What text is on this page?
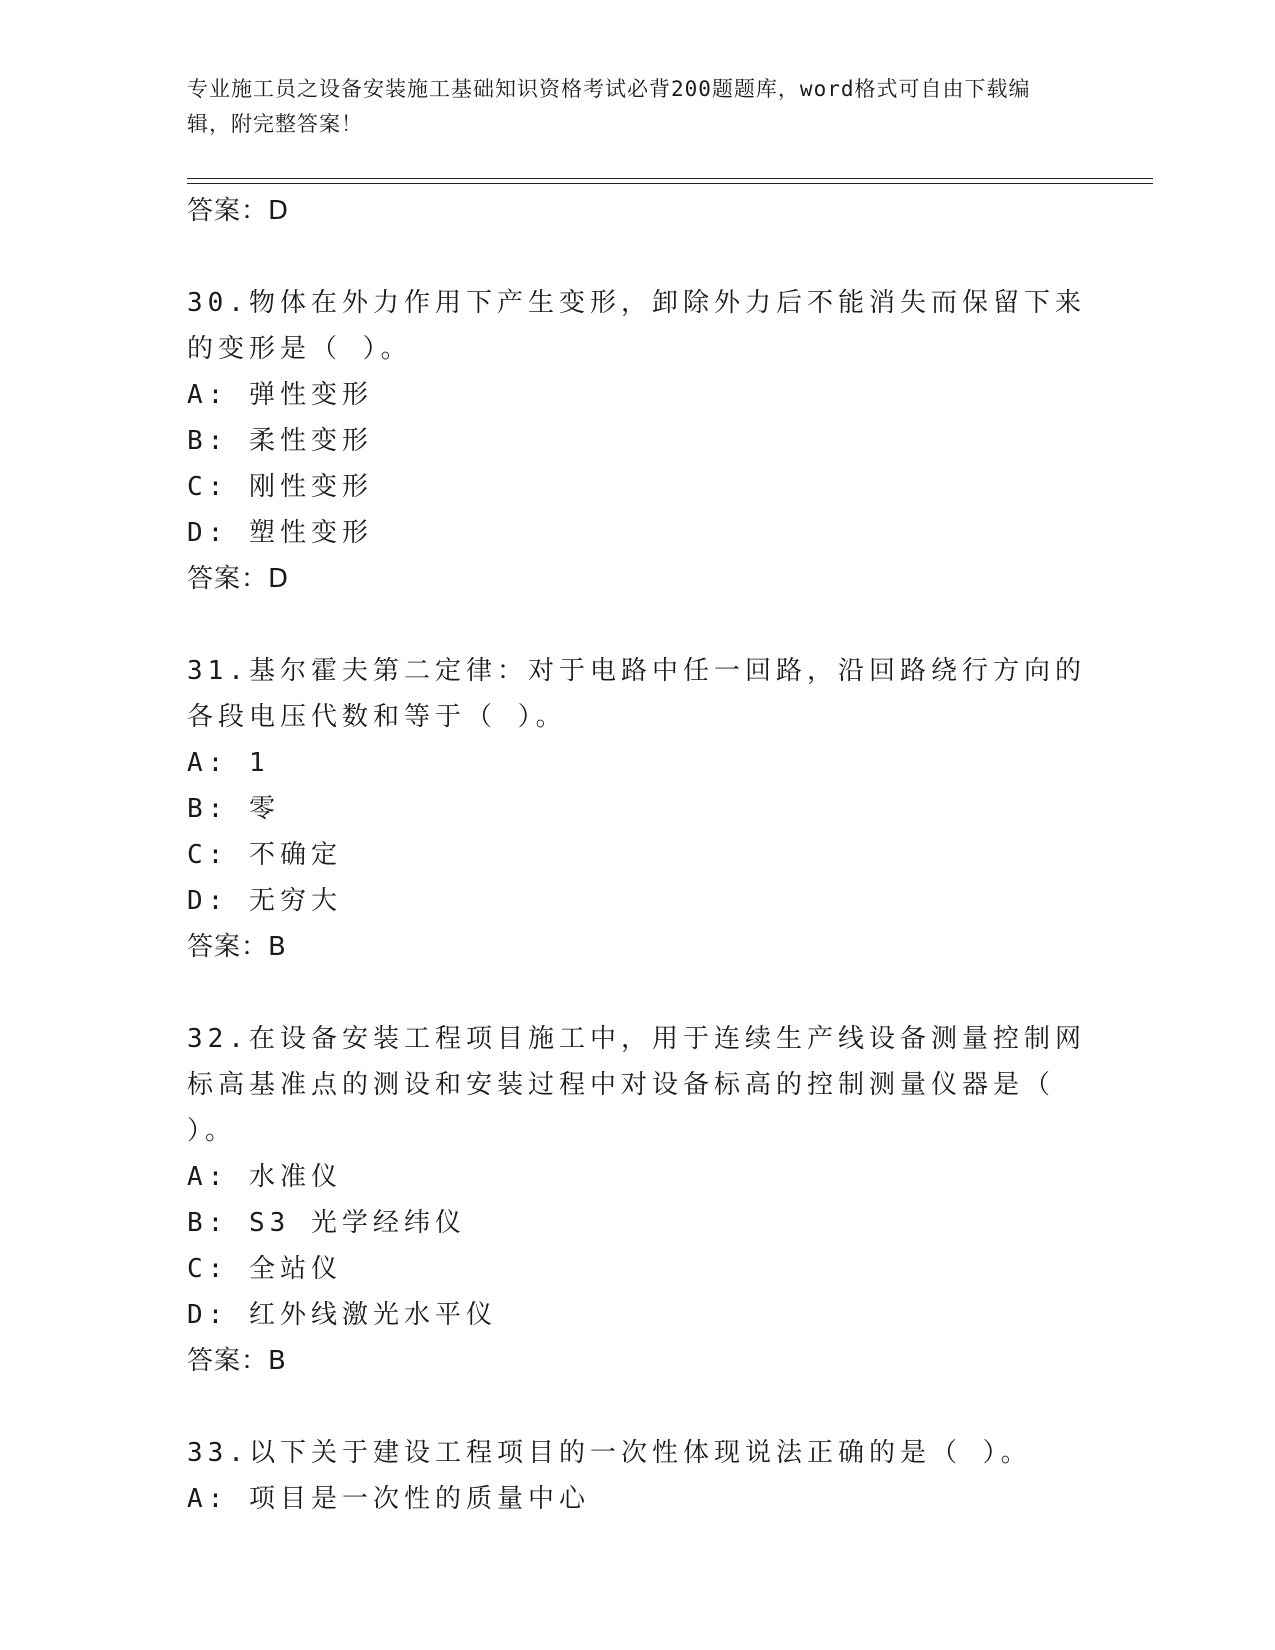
专业施工员之设备安装施工基础知识资格考试必背200题题库，word格式可自由下载编辑，附完整答案！
答案：D
30.物体在外力作用下产生变形，卸除外力后不能消失而保留下来的变形是（ ）。
A: 弹性变形
B: 柔性变形
C: 刚性变形
D: 塑性变形
答案：D
31.基尔霍夫第二定律：对于电路中任一回路，沿回路绕行方向的各段电压代数和等于（ ）。
A: 1
B: 零
C: 不确定
D: 无穷大
答案：B
32.在设备安装工程项目施工中，用于连续生产线设备测量控制网标高基准点的测设和安装过程中对设备标高的控制测量仪器是（ ）。
A: 水准仪
B: S3 光学经纬仪
C: 全站仪
D: 红外线激光水平仪
答案：B
33.以下关于建设工程项目的一次性体现说法正确的是（ ）。
A: 项目是一次性的质量中心
